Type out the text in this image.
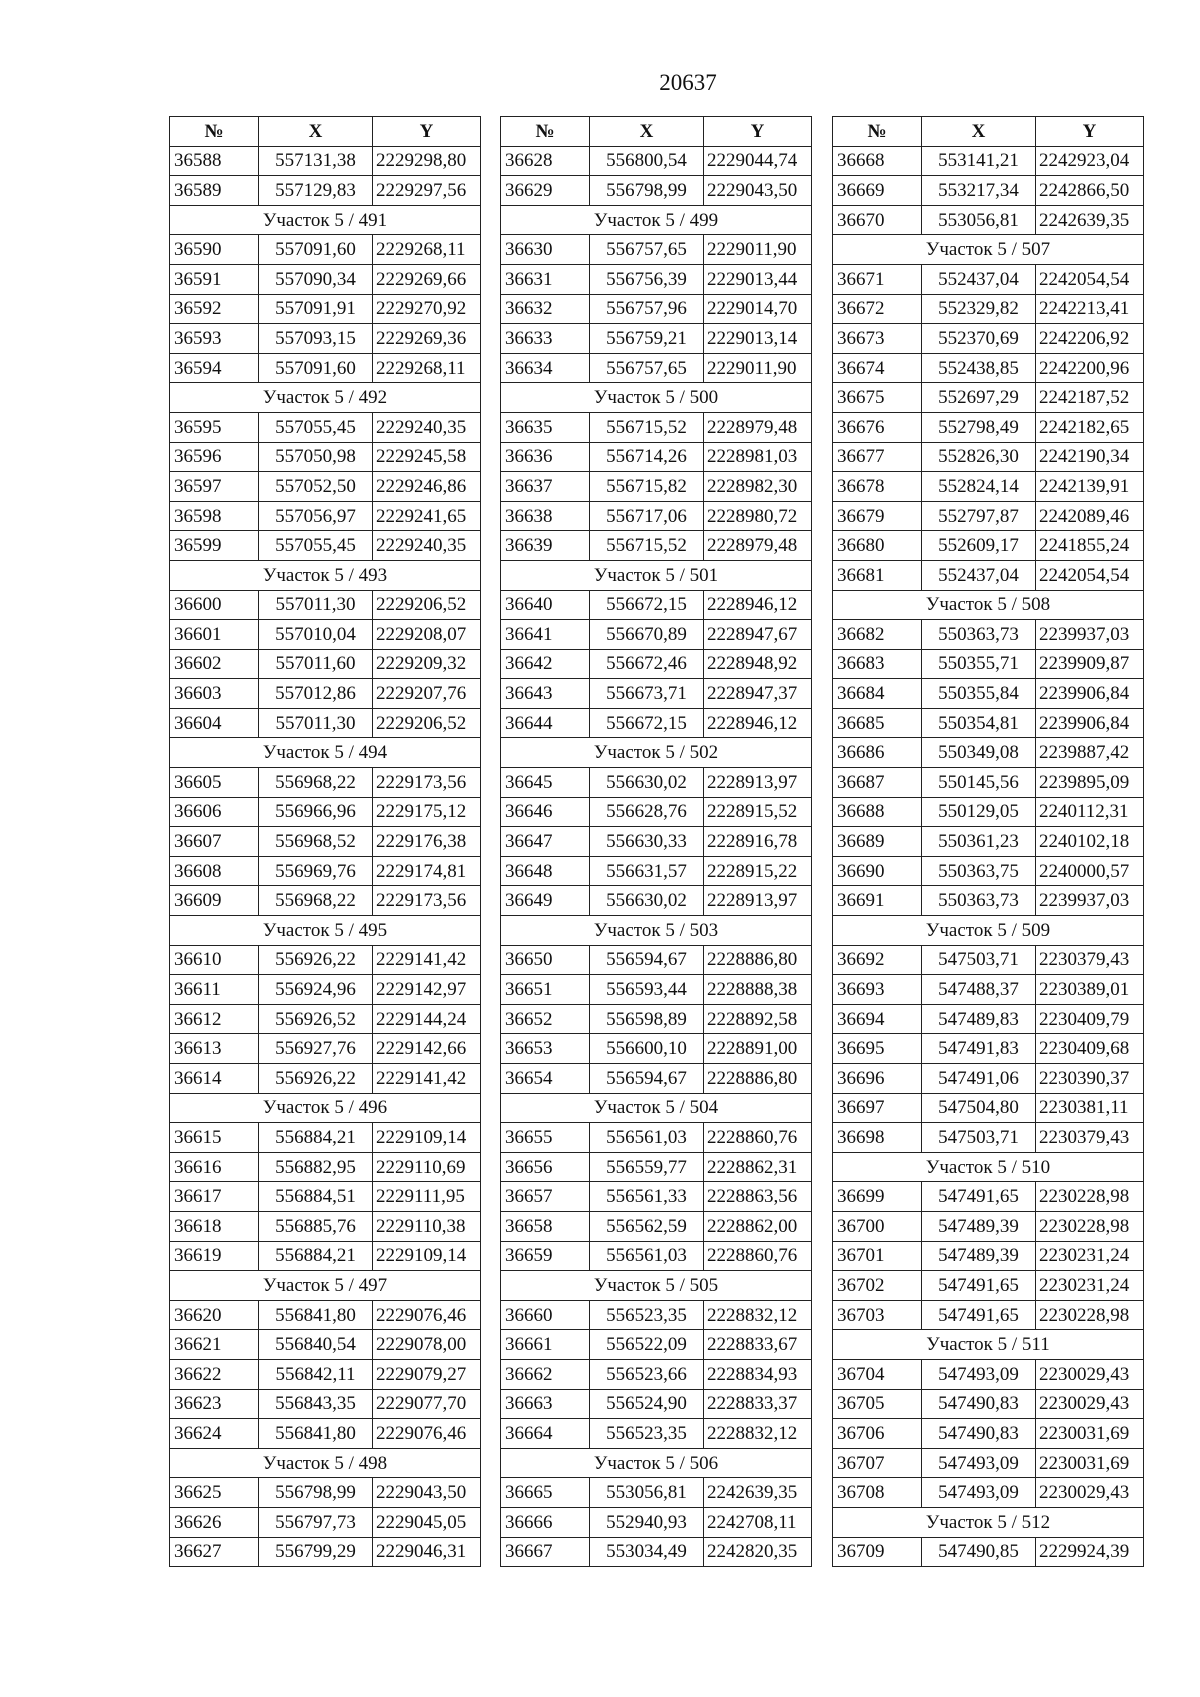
20637
№	X	Y
36588	557131,38	2229298,80
36589	557129,83	2229297,56
Участок 5 / 491		
36590	557091,60	2229268,11
36591	557090,34	2229269,66
36592	557091,91	2229270,92
36593	557093,15	2229269,36
36594	557091,60	2229268,11
Участок 5 / 492		
36595	557055,45	2229240,35
36596	557050,98	2229245,58
36597	557052,50	2229246,86
36598	557056,97	2229241,65
36599	557055,45	2229240,35
Участок 5 / 493		
36600	557011,30	2229206,52
36601	557010,04	2229208,07
36602	557011,60	2229209,32
36603	557012,86	2229207,76
36604	557011,30	2229206,52
Участок 5 / 494		
36605	556968,22	2229173,56
36606	556966,96	2229175,12
36607	556968,52	2229176,38
36608	556969,76	2229174,81
36609	556968,22	2229173,56
Участок 5 / 495		
36610	556926,22	2229141,42
36611	556924,96	2229142,97
36612	556926,52	2229144,24
36613	556927,76	2229142,66
36614	556926,22	2229141,42
Участок 5 / 496		
36615	556884,21	2229109,14
36616	556882,95	2229110,69
36617	556884,51	2229111,95
36618	556885,76	2229110,38
36619	556884,21	2229109,14
Участок 5 / 497		
36620	556841,80	2229076,46
36621	556840,54	2229078,00
36622	556842,11	2229079,27
36623	556843,35	2229077,70
36624	556841,80	2229076,46
Участок 5 / 498		
36625	556798,99	2229043,50
36626	556797,73	2229045,05
36627	556799,29	2229046,31
№	X	Y
36628	556800,54	2229044,74
36629	556798,99	2229043,50
Участок 5 / 499		
36630	556757,65	2229011,90
36631	556756,39	2229013,44
36632	556757,96	2229014,70
36633	556759,21	2229013,14
36634	556757,65	2229011,90
Участок 5 / 500		
36635	556715,52	2228979,48
36636	556714,26	2228981,03
36637	556715,82	2228982,30
36638	556717,06	2228980,72
36639	556715,52	2228979,48
Участок 5 / 501		
36640	556672,15	2228946,12
36641	556670,89	2228947,67
36642	556672,46	2228948,92
36643	556673,71	2228947,37
36644	556672,15	2228946,12
Участок 5 / 502		
36645	556630,02	2228913,97
36646	556628,76	2228915,52
36647	556630,33	2228916,78
36648	556631,57	2228915,22
36649	556630,02	2228913,97
Участок 5 / 503		
36650	556594,67	2228886,80
36651	556593,44	2228888,38
36652	556598,89	2228892,58
36653	556600,10	2228891,00
36654	556594,67	2228886,80
Участок 5 / 504		
36655	556561,03	2228860,76
36656	556559,77	2228862,31
36657	556561,33	2228863,56
36658	556562,59	2228862,00
36659	556561,03	2228860,76
Участок 5 / 505		
36660	556523,35	2228832,12
36661	556522,09	2228833,67
36662	556523,66	2228834,93
36663	556524,90	2228833,37
36664	556523,35	2228832,12
Участок 5 / 506		
36665	553056,81	2242639,35
36666	552940,93	2242708,11
36667	553034,49	2242820,35
№	X	Y
36668	553141,21	2242923,04
36669	553217,34	2242866,50
36670	553056,81	2242639,35
Участок 5 / 507		
36671	552437,04	2242054,54
36672	552329,82	2242213,41
36673	552370,69	2242206,92
36674	552438,85	2242200,96
36675	552697,29	2242187,52
36676	552798,49	2242182,65
36677	552826,30	2242190,34
36678	552824,14	2242139,91
36679	552797,87	2242089,46
36680	552609,17	2241855,24
36681	552437,04	2242054,54
Участок 5 / 508		
36682	550363,73	2239937,03
36683	550355,71	2239909,87
36684	550355,84	2239906,84
36685	550354,81	2239906,84
36686	550349,08	2239887,42
36687	550145,56	2239895,09
36688	550129,05	2240112,31
36689	550361,23	2240102,18
36690	550363,75	2240000,57
36691	550363,73	2239937,03
Участок 5 / 509		
36692	547503,71	2230379,43
36693	547488,37	2230389,01
36694	547489,83	2230409,79
36695	547491,83	2230409,68
36696	547491,06	2230390,37
36697	547504,80	2230381,11
36698	547503,71	2230379,43
Участок 5 / 510		
36699	547491,65	2230228,98
36700	547489,39	2230228,98
36701	547489,39	2230231,24
36702	547491,65	2230231,24
36703	547491,65	2230228,98
Участок 5 / 511		
36704	547493,09	2230029,43
36705	547490,83	2230029,43
36706	547490,83	2230031,69
36707	547493,09	2230031,69
36708	547493,09	2230029,43
Участок 5 / 512		
36709	547490,85	2229924,39
